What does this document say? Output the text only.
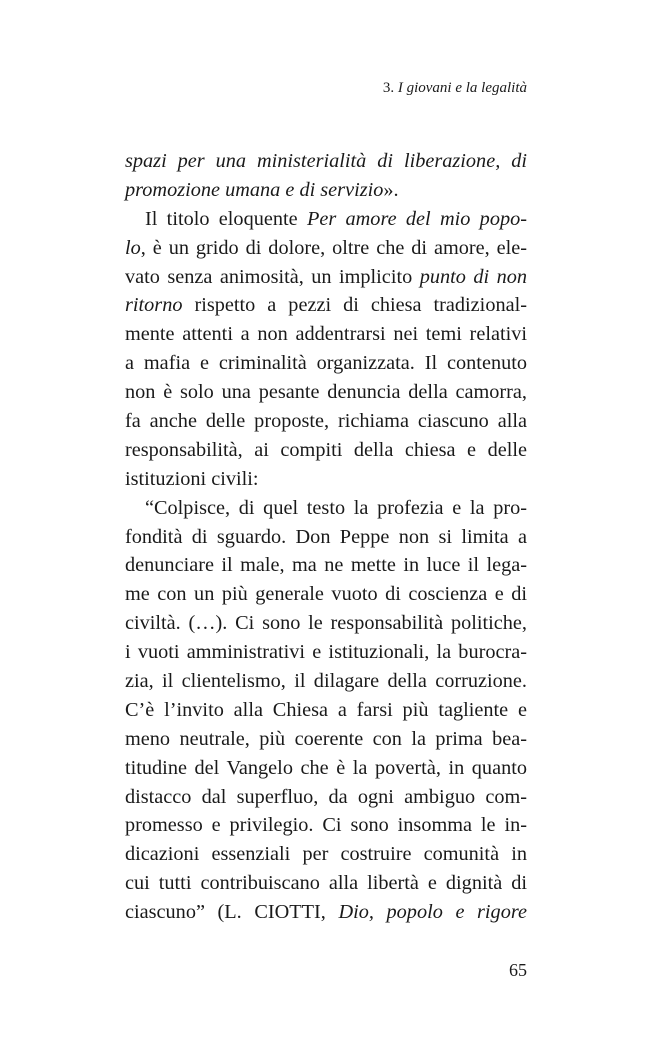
3. I giovani e la legalità
spazi per una ministerialità di liberazione, di
promozione umana e di servizio».
Il titolo eloquente Per amore del mio popo-
lo, è un grido di dolore, oltre che di amore, ele-
vato senza animosità, un implicito punto di non
ritorno rispetto a pezzi di chiesa tradizional-
mente attenti a non addentrarsi nei temi relativi
a mafia e criminalità organizzata. Il contenuto
non è solo una pesante denuncia della camorra,
fa anche delle proposte, richiama ciascuno alla
responsabilità, ai compiti della chiesa e delle
istituzioni civili:
“Colpisce, di quel testo la profezia e la pro-
fondità di sguardo. Don Peppe non si limita a
denunciare il male, ma ne mette in luce il lega-
me con un più generale vuoto di coscienza e di
civiltà. (…). Ci sono le responsabilità politiche,
i vuoti amministrativi e istituzionali, la burocra-
zia, il clientelismo, il dilagare della corruzione.
C’è l’invito alla Chiesa a farsi più tagliente e
meno neutrale, più coerente con la prima bea-
titudine del Vangelo che è la povertà, in quanto
distacco dal superfluo, da ogni ambiguo com-
promesso e privilegio. Ci sono insomma le in-
dicazioni essenziali per costruire comunità in
cui tutti contribuiscano alla libertà e dignità di
ciascuno” (L. CIOTTI, Dio, popolo e rigore
65
